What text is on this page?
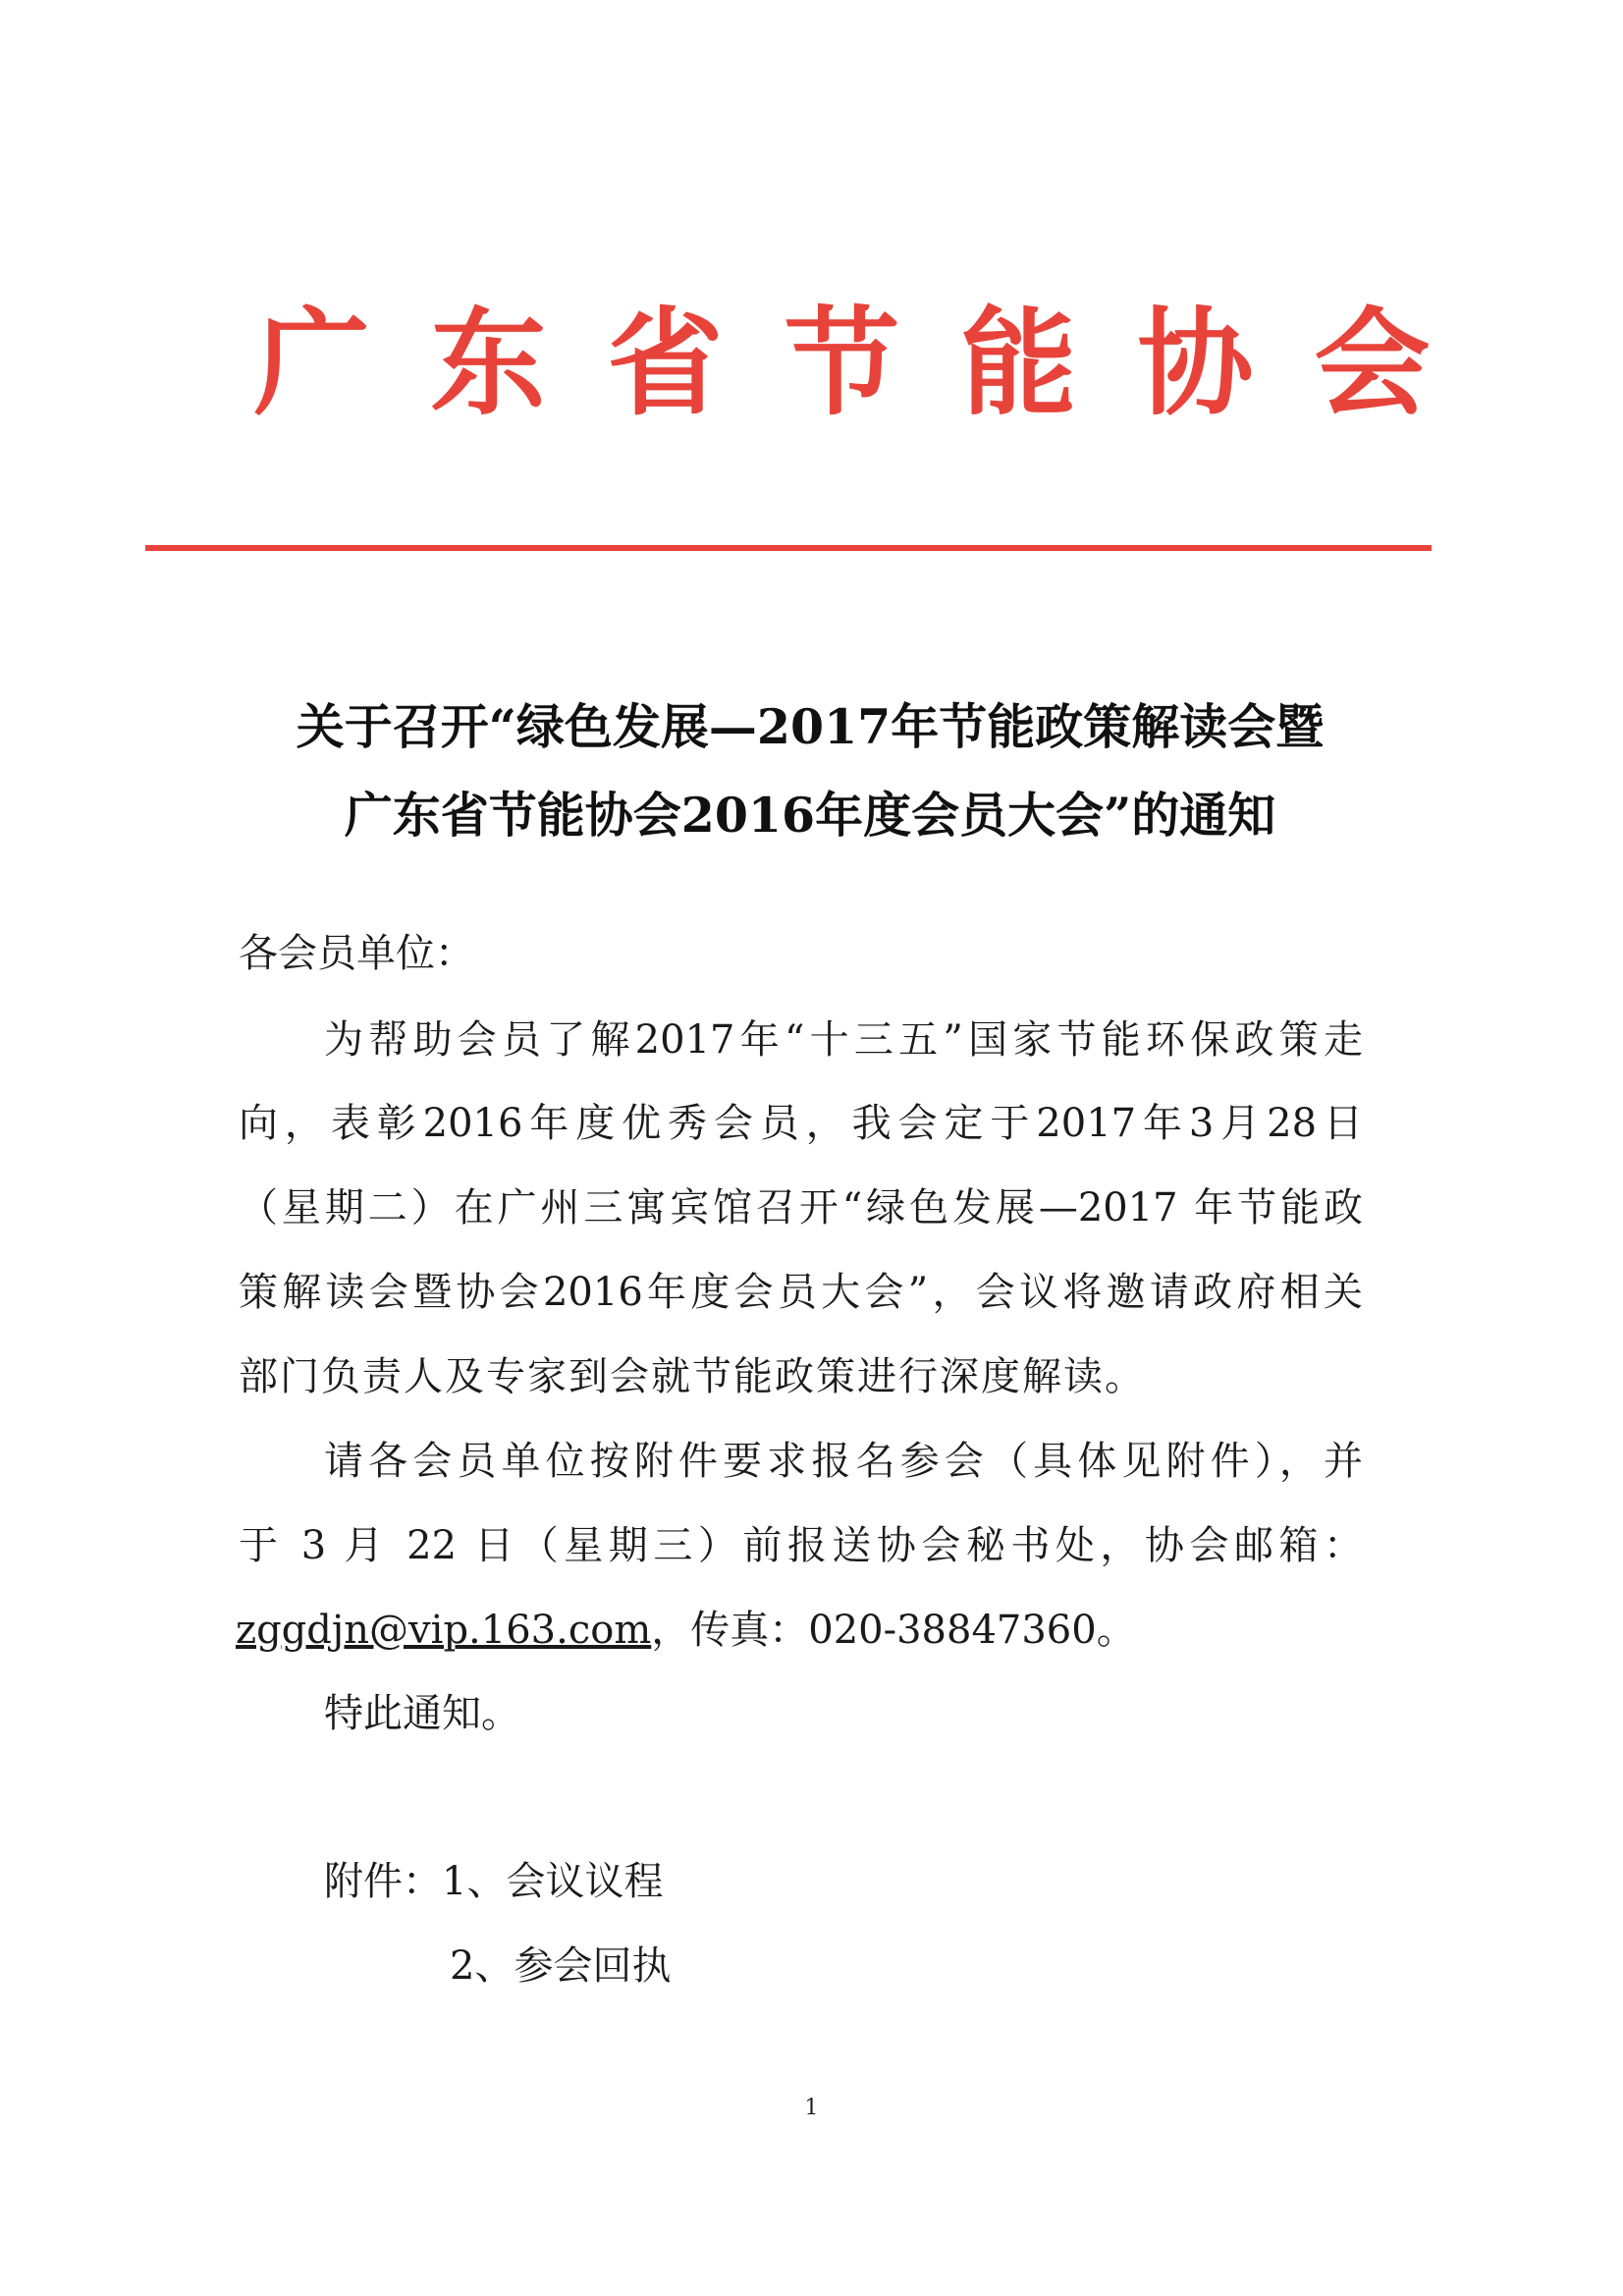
广东省节能协会
关于召开“绿色发展—2017年节能政策解读会暨
广东省节能协会2016年度会员大会”的通知
各会员单位：
为帮助会员了解2017年“十三五”国家节能环保政策走
向，表彰2016年度优秀会员，我会定于2017年3月28日
（星期二）在广州三寓宾馆召开“绿色发展—2017 年节能政
策解读会暨协会2016年度会员大会”，会议将邀请政府相关
部门负责人及专家到会就节能政策进行深度解读。
请各会员单位按附件要求报名参会（具体见附件），并
于 3 月 22 日（星期三）前报送协会秘书处，协会邮箱：
zggdjn@vip.163.com，传真：020-38847360。
特此通知。
附件：1、会议议程
2、参会回执
1
